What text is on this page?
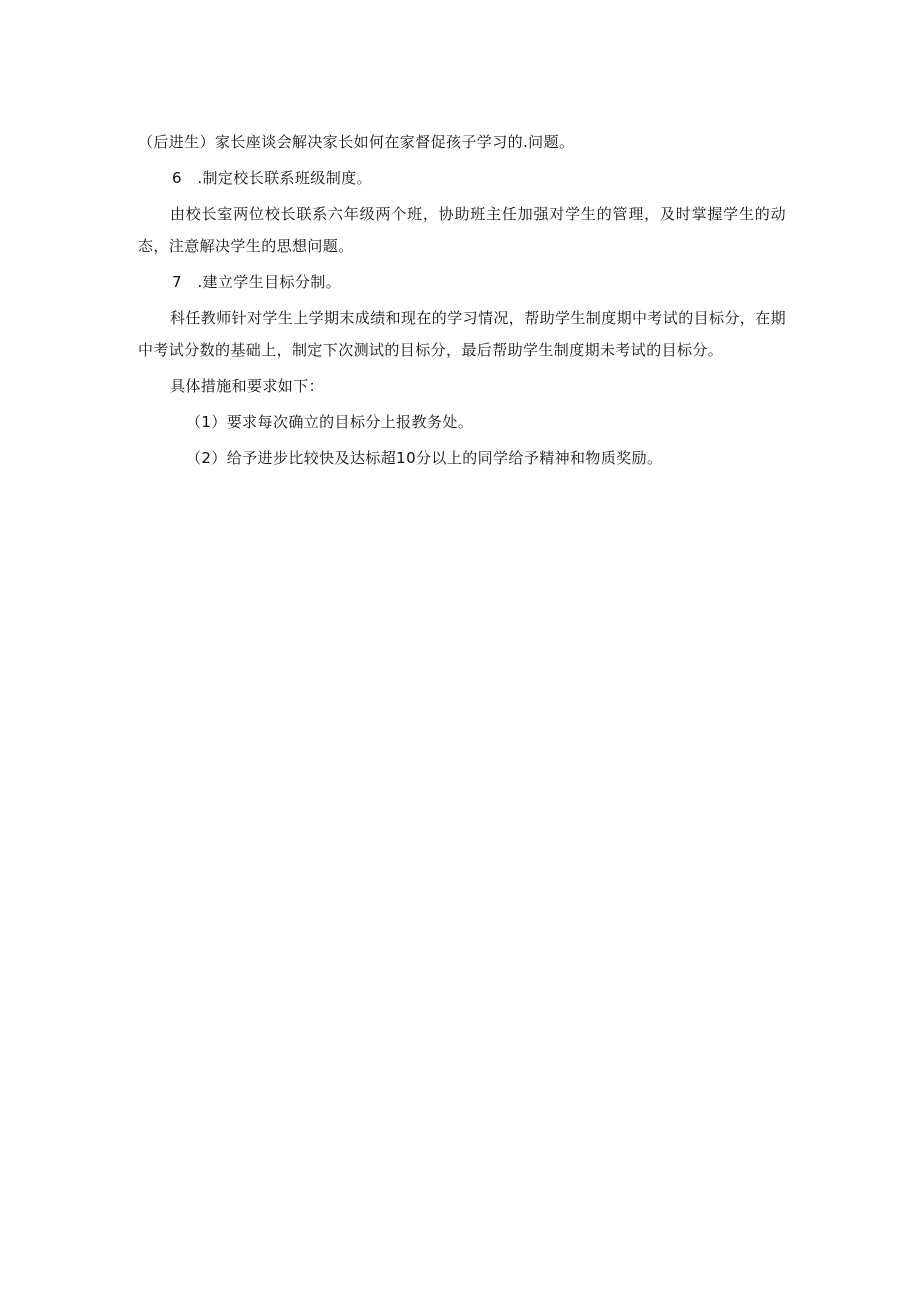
（后进生）家长座谈会解决家长如何在家督促孩子学习的.问题。
6　.制定校长联系班级制度。
由校长室两位校长联系六年级两个班，协助班主任加强对学生的管理，及时掌握学生的动态，注意解决学生的思想问题。
7　.建立学生目标分制。
科任教师针对学生上学期末成绩和现在的学习情况，帮助学生制度期中考试的目标分，在期中考试分数的基础上，制定下次测试的目标分，最后帮助学生制度期未考试的目标分。
具体措施和要求如下：
（1）要求每次确立的目标分上报教务处。
（2）给予进步比较快及达标超10分以上的同学给予精神和物质奖励。
